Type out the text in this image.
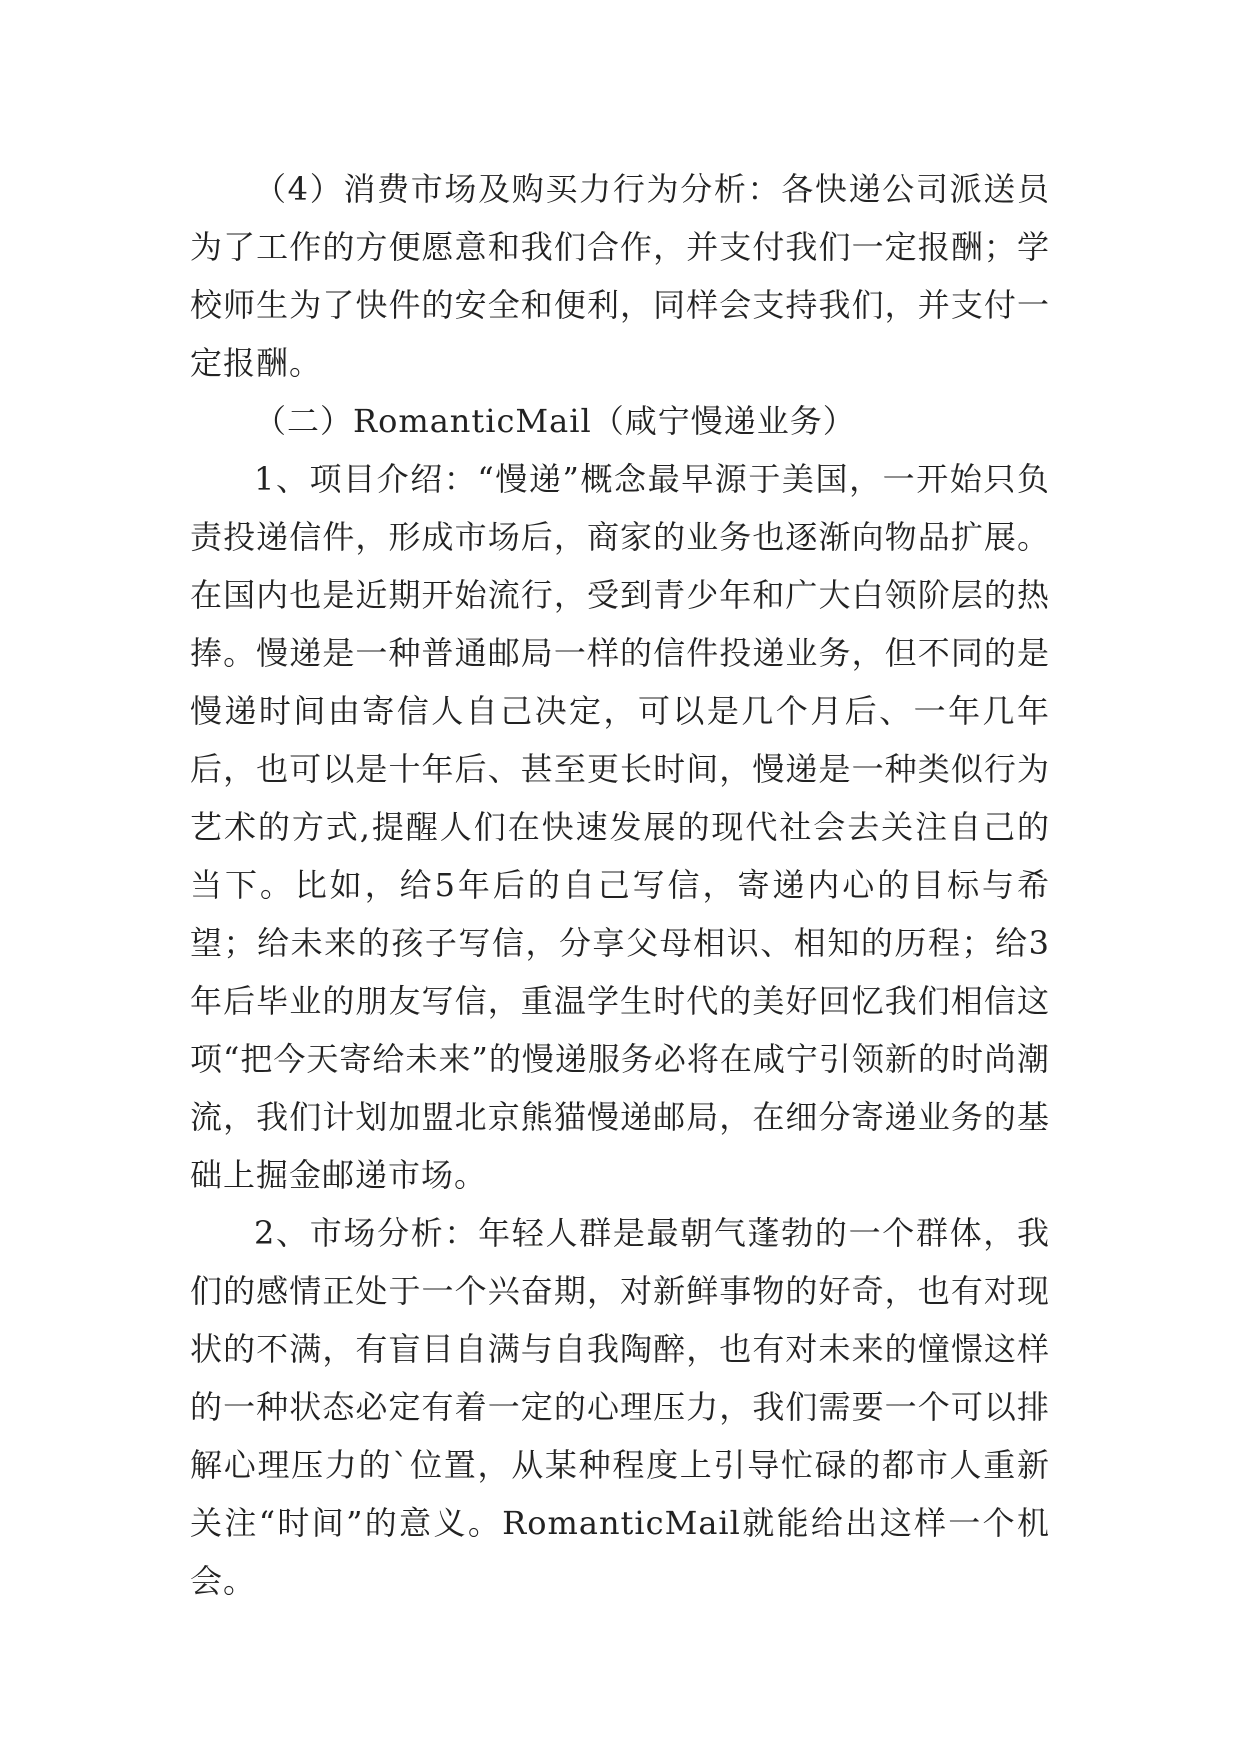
（4）消费市场及购买力行为分析：各快递公司派送员为了工作的方便愿意和我们合作，并支付我们一定报酬；学校师生为了快件的安全和便利，同样会支持我们，并支付一定报酬。

（二）RomanticMail（咸宁慢递业务）

1、项目介绍：“慢递”概念最早源于美国，一开始只负责投递信件，形成市场后，商家的业务也逐渐向物品扩展。在国内也是近期开始流行，受到青少年和广大白领阶层的热捧。慢递是一种普通邮局一样的信件投递业务，但不同的是慢递时间由寄信人自己决定，可以是几个月后、一年几年后，也可以是十年后、甚至更长时间，慢递是一种类似行为艺术的方式,提醒人们在快速发展的现代社会去关注自己的当下。比如，给5年后的自己写信，寄递内心的目标与希望；给未来的孩子写信，分享父母相识、相知的历程；给3年后毕业的朋友写信，重温学生时代的美好回忆我们相信这项“把今天寄给未来”的慢递服务必将在咸宁引领新的时尚潮流，我们计划加盟北京熊猫慢递邮局，在细分寄递业务的基础上掘金邮递市场。

2、市场分析：年轻人群是最朝气蓬勃的一个群体，我们的感情正处于一个兴奋期，对新鲜事物的好奇，也有对现状的不满，有盲目自满与自我陶醉，也有对未来的憧憬这样的一种状态必定有着一定的心理压力，我们需要一个可以排解心理压力的`位置，从某种程度上引导忙碌的都市人重新关注“时间”的意义。RomanticMail就能给出这样一个机会。
